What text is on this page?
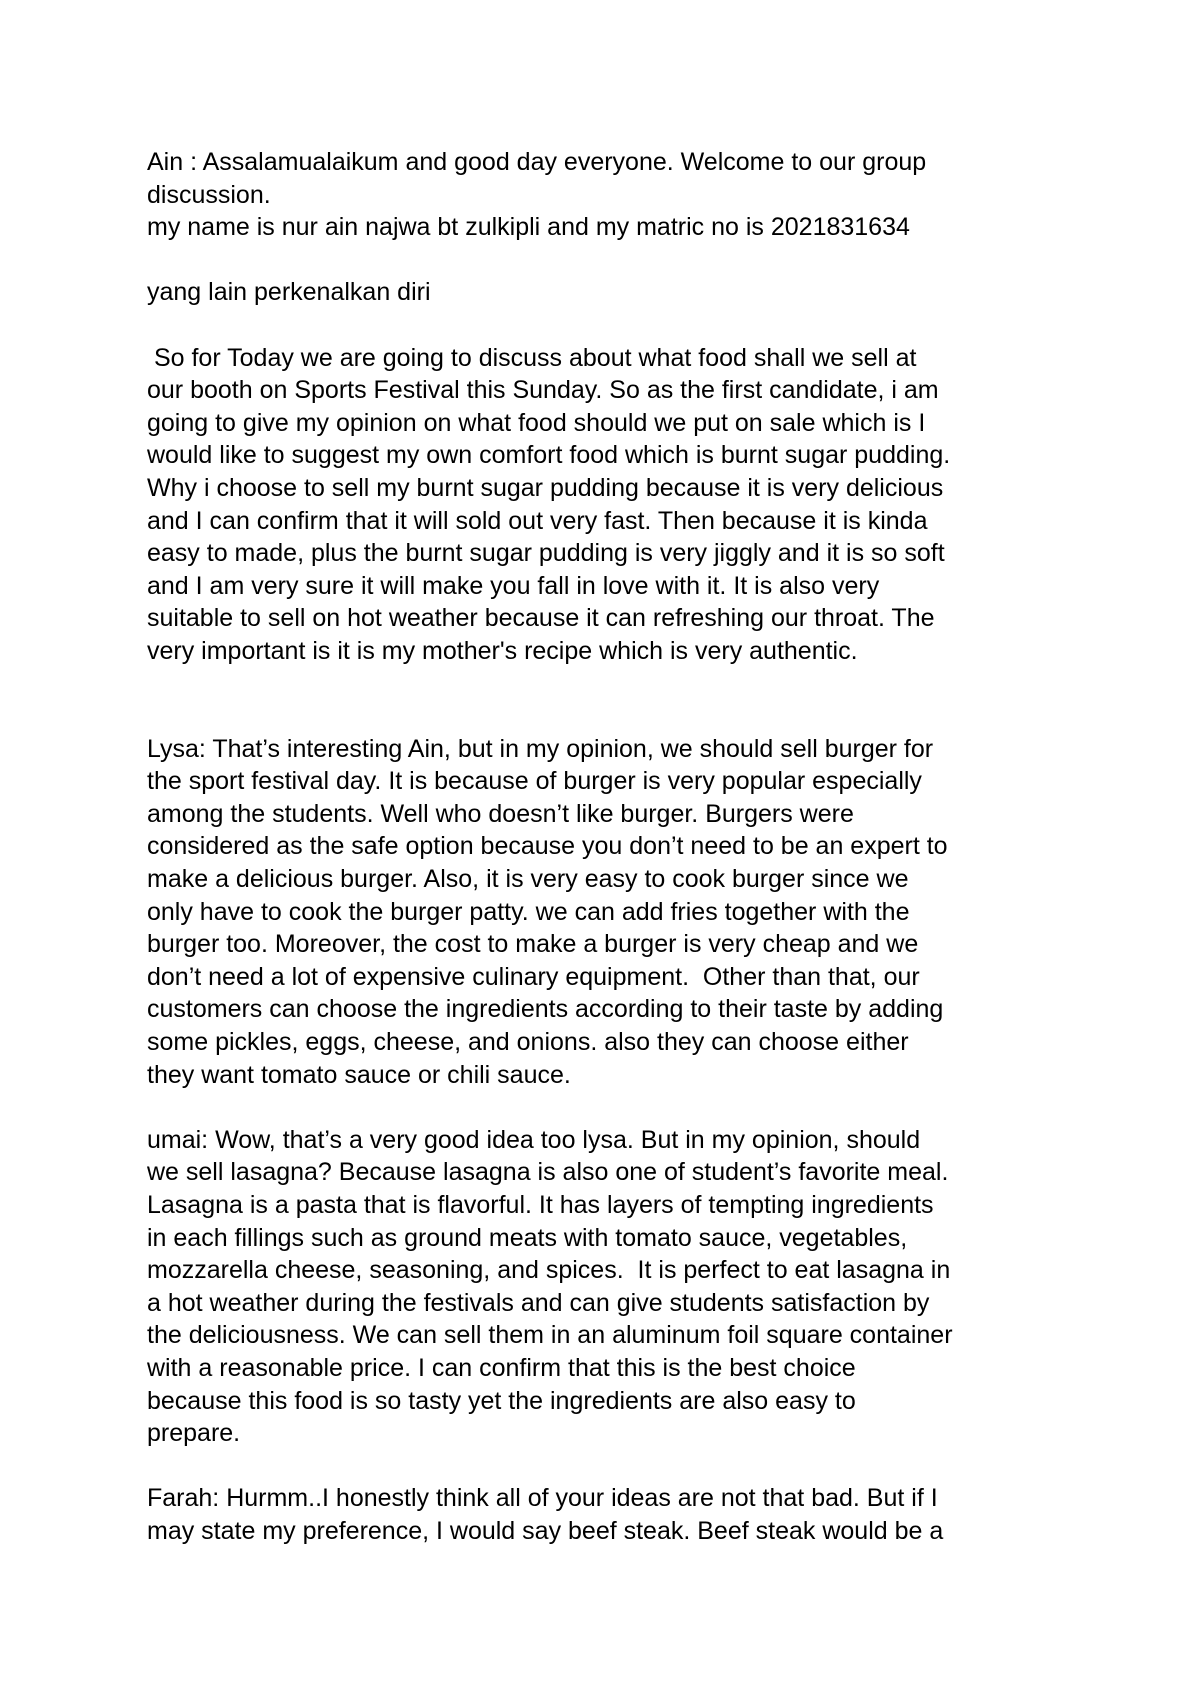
Ain : Assalamualaikum and good day everyone. Welcome to our group
discussion.
my name is nur ain najwa bt zulkipli and my matric no is 2021831634
yang lain perkenalkan diri
So for Today we are going to discuss about what food shall we sell at
our booth on Sports Festival this Sunday. So as the first candidate, i am
going to give my opinion on what food should we put on sale which is I
would like to suggest my own comfort food which is burnt sugar pudding.
Why i choose to sell my burnt sugar pudding because it is very delicious
and I can confirm that it will sold out very fast. Then because it is kinda
easy to made, plus the burnt sugar pudding is very jiggly and it is so soft
and I am very sure it will make you fall in love with it. It is also very
suitable to sell on hot weather because it can refreshing our throat. The
very important is it is my mother's recipe which is very authentic.
Lysa: That’s interesting Ain, but in my opinion, we should sell burger for
the sport festival day. It is because of burger is very popular especially
among the students. Well who doesn’t like burger. Burgers were
considered as the safe option because you don’t need to be an expert to
make a delicious burger. Also, it is very easy to cook burger since we
only have to cook the burger patty. we can add fries together with the
burger too. Moreover, the cost to make a burger is very cheap and we
don’t need a lot of expensive culinary equipment.  Other than that, our
customers can choose the ingredients according to their taste by adding
some pickles, eggs, cheese, and onions. also they can choose either
they want tomato sauce or chili sauce.
umai: Wow, that’s a very good idea too lysa. But in my opinion, should
we sell lasagna? Because lasagna is also one of student’s favorite meal.
Lasagna is a pasta that is flavorful. It has layers of tempting ingredients
in each fillings such as ground meats with tomato sauce, vegetables,
mozzarella cheese, seasoning, and spices.  It is perfect to eat lasagna in
a hot weather during the festivals and can give students satisfaction by
the deliciousness. We can sell them in an aluminum foil square container
with a reasonable price. I can confirm that this is the best choice
because this food is so tasty yet the ingredients are also easy to
prepare.
Farah: Hurmm..I honestly think all of your ideas are not that bad. But if I
may state my preference, I would say beef steak. Beef steak would be a
